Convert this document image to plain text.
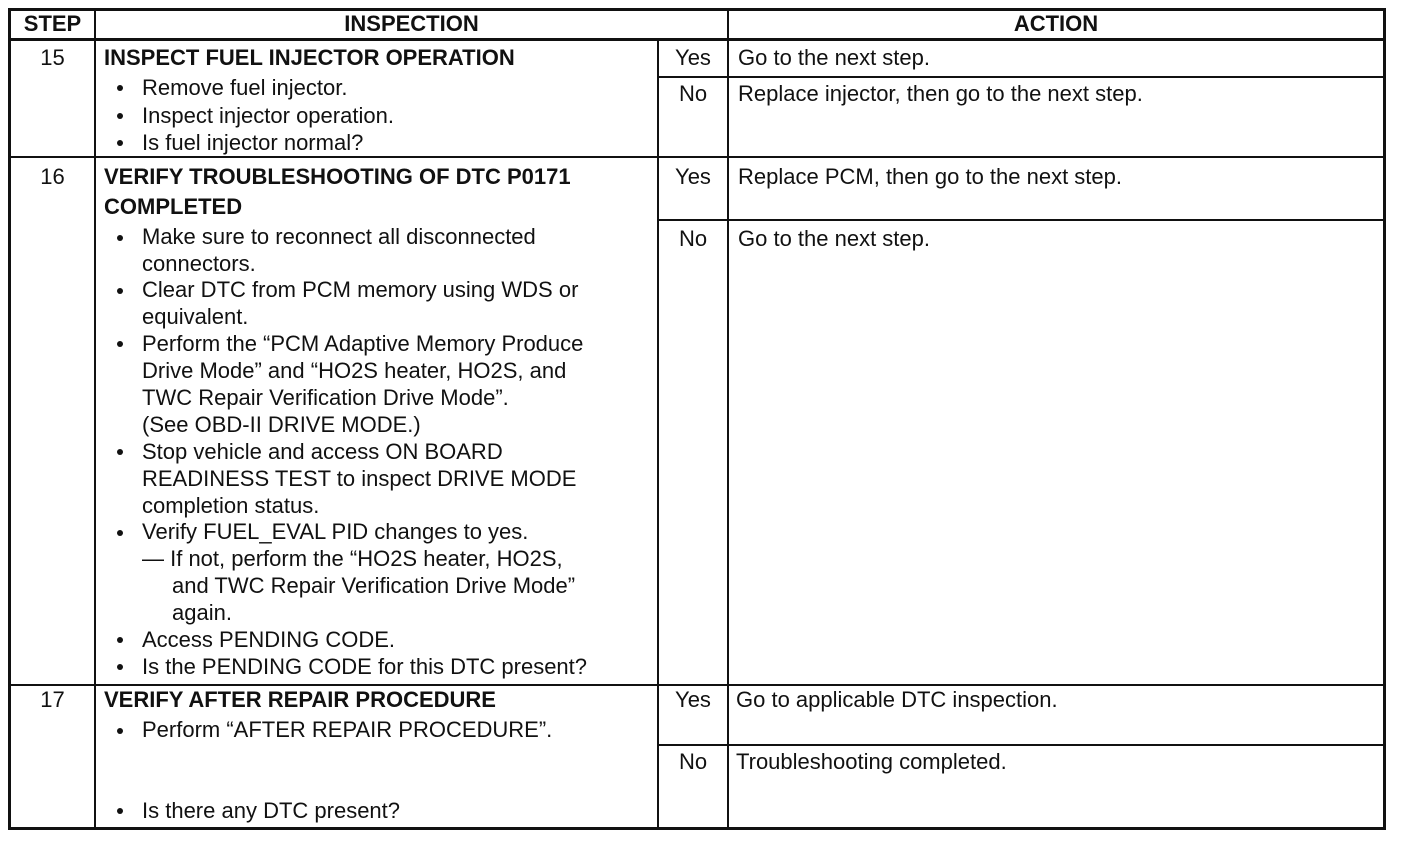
STEP	INSPECTION	ACTION
15	INSPECT FUEL INJECTOR OPERATION
Remove fuel injector.
Inspect injector operation.
Is fuel injector normal?
Yes	Go to the next step.
No	Replace injector, then go to the next step.
16	VERIFY TROUBLESHOOTING OF DTC P0171
COMPLETED
Make sure to reconnect all disconnected
connectors.
Clear DTC from PCM memory using WDS or
equivalent.
Perform the “PCM Adaptive Memory Produce
Drive Mode” and “HO2S heater, HO2S, and
TWC Repair Verification Drive Mode”.
(See OBD-II DRIVE MODE.)
Stop vehicle and access ON BOARD
READINESS TEST to inspect DRIVE MODE
completion status.
Verify FUEL_EVAL PID changes to yes.
— If not, perform the “HO2S heater, HO2S,
and TWC Repair Verification Drive Mode”
again.
Access PENDING CODE.
Is the PENDING CODE for this DTC present?
Yes	Replace PCM, then go to the next step.
No	Go to the next step.
17	VERIFY AFTER REPAIR PROCEDURE
Perform “AFTER REPAIR PROCEDURE”.
Is there any DTC present?
Yes	Go to applicable DTC inspection.
No	Troubleshooting completed.
